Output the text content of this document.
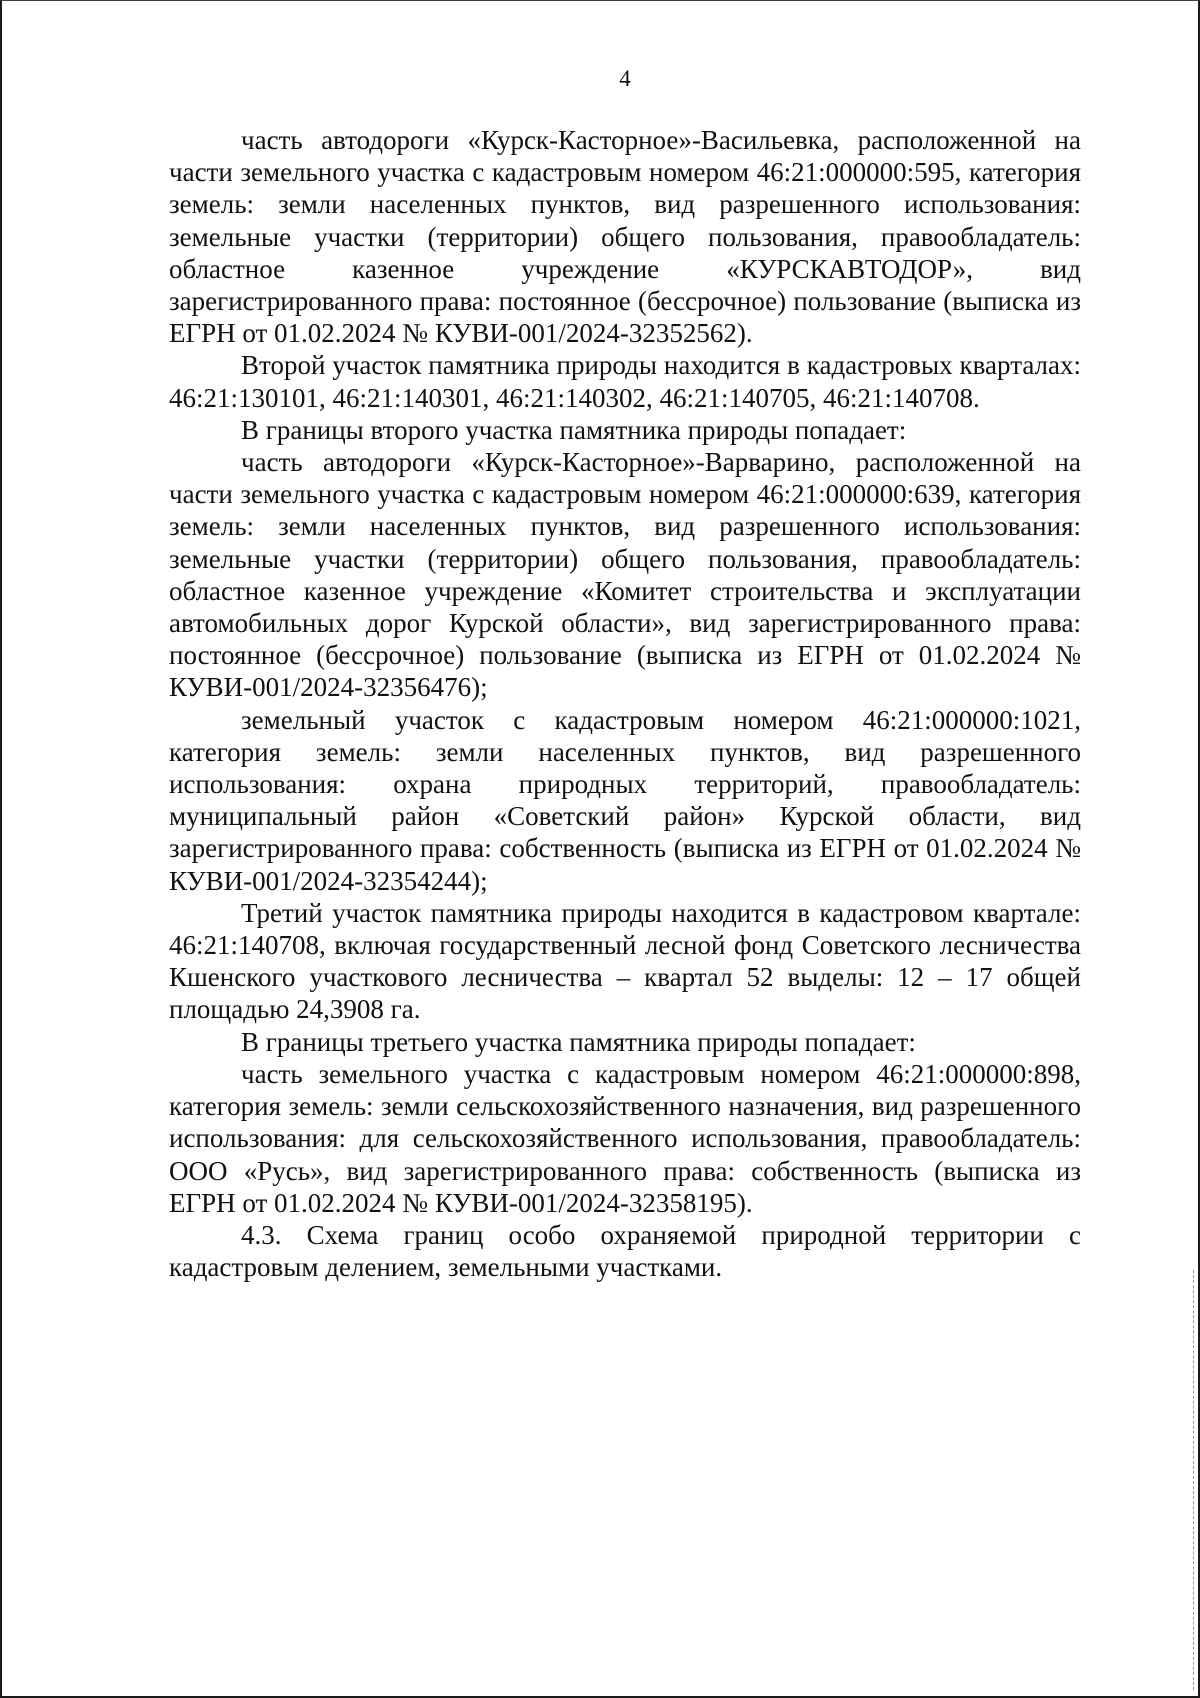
4

часть автодороги «Курск-Касторное»-Васильевка, расположенной на части земельного участка с кадастровым номером 46:21:000000:595, категория земель: земли населенных пунктов, вид разрешенного использования: земельные участки (территории) общего пользования, правообладатель: областное казенное учреждение «КУРСКАВТОДОР», вид зарегистрированного права: постоянное (бессрочное) пользование (выписка из ЕГРН от 01.02.2024 № КУВИ-001/2024-32352562).

Второй участок памятника природы находится в кадастровых кварталах: 46:21:130101, 46:21:140301, 46:21:140302, 46:21:140705, 46:21:140708.

В границы второго участка памятника природы попадает:

часть автодороги «Курск-Касторное»-Варварино, расположенной на части земельного участка с кадастровым номером 46:21:000000:639, категория земель: земли населенных пунктов, вид разрешенного использования: земельные участки (территории) общего пользования, правообладатель: областное казенное учреждение «Комитет строительства и эксплуатации автомобильных дорог Курской области», вид зарегистрированного права: постоянное (бессрочное) пользование (выписка из ЕГРН от 01.02.2024 № КУВИ-001/2024-32356476);

земельный участок с кадастровым номером 46:21:000000:1021, категория земель: земли населенных пунктов, вид разрешенного использования: охрана природных территорий, правообладатель: муниципальный район «Советский район» Курской области, вид зарегистрированного права: собственность (выписка из ЕГРН от 01.02.2024 № КУВИ-001/2024-32354244);

Третий участок памятника природы находится в кадастровом квартале: 46:21:140708, включая государственный лесной фонд Советского лесничества Кшенского участкового лесничества – квартал 52 выделы: 12 – 17 общей площадью 24,3908 га.

В границы третьего участка памятника природы попадает:

часть земельного участка с кадастровым номером 46:21:000000:898, категория земель: земли сельскохозяйственного назначения, вид разрешенного использования: для сельскохозяйственного использования, правообладатель: ООО «Русь», вид зарегистрированного права: собственность (выписка из ЕГРН от 01.02.2024 № КУВИ-001/2024-32358195).

4.3. Схема границ особо охраняемой природной территории с кадастровым делением, земельными участками.
